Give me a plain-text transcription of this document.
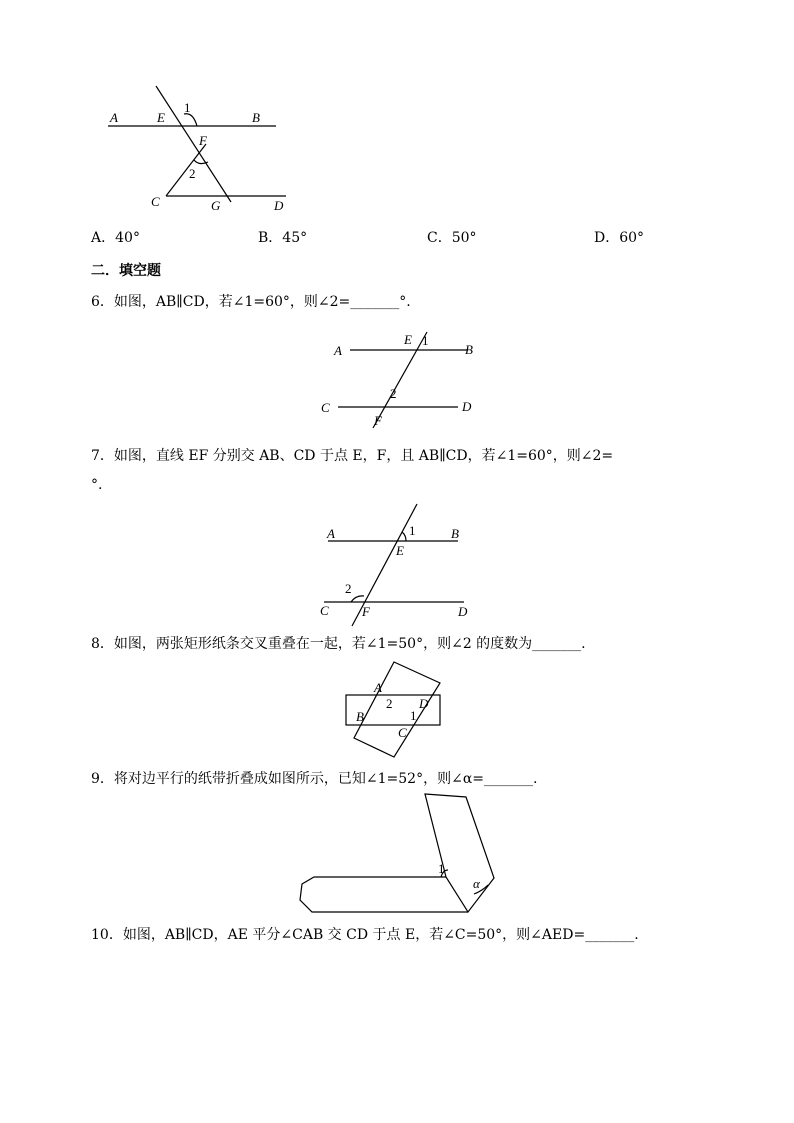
A	E
1
B
F
2
C	G	D
A．40°	B．45°	C．50°	D．60°
二．填空题
6．如图，AB∥CD，若∠1=60°，则∠2=_______°.
A
E 1
B
2
C
F
D
7．如图，直线 EF 分别交 AB、CD 于点 E，F，且 AB∥CD，若∠1=60°，则∠2=
°.
A	1	B
E
2
C	F	D
8．如图，两张矩形纸条交叉重叠在一起，若∠1=50°，则∠2 的度数为_______.
A
2 D
B	1
C
9．将对边平行的纸带折叠成如图所示，已知∠1=52°，则∠α=_______.
1
α
10．如图，AB∥CD，AE 平分∠CAB 交 CD 于点 E，若∠C=50°，则∠AED=_______.
